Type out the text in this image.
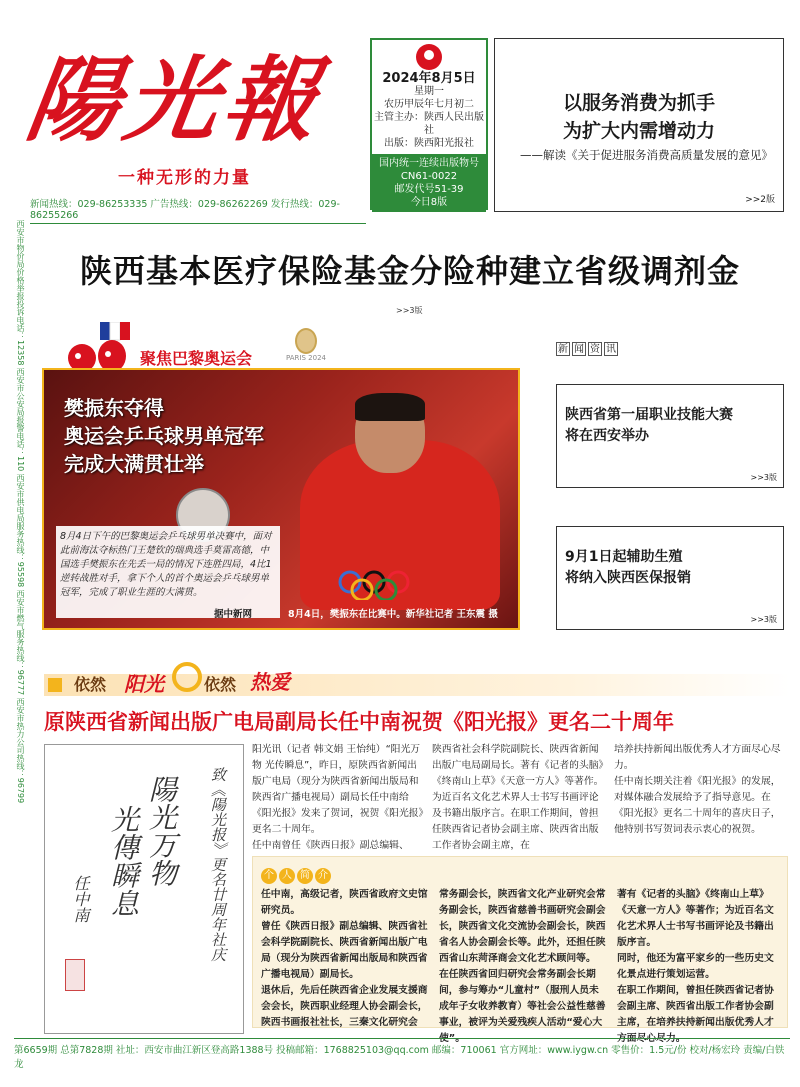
陽光報
一种无形的力量
2024年8月5日
星期一
农历甲辰年七月初二
主管主办：陕西人民出版社
出版：陕西阳光报社
国内统一连续出版物号
CN61-0022
邮发代号51-39
今日8版
以服务消费为抓手
为扩大内需增动力
——解读《关于促进服务消费高质量发展的意见》
>>2版
新闻热线：029-86253335 广告热线：029-86262269 发行热线：029-86255266
西安市物价局价格举报投诉电话：12358 西安市公安局报警电话：110 西安市供电局服务热线：95598 西安市燃气服务热线：96777 西安市热力公司热线：96799	陕西基本医疗保险基金分险种建立省级调剂金
>>3版
聚焦巴黎奥运会	PARIS 2024
樊振东夺得
奥运会乒乓球男单冠军
完成大满贯壮举
8月4日下午的巴黎奥运会乒乓球男单决赛中，面对此前海汰夺标热门王楚钦的瑞典选手莫雷高德，中国选手樊振东在先丢一局的情况下连胜四局，4比1逆转战胜对手，拿下个人的首个奥运会乒乓球男单冠军，完成了职业生涯的大满贯。
据中新网	8月4日，樊振东在比赛中。新华社记者 王东震 摄
新 闻 资 讯
陕西省第一届职业技能大赛
将在西安举办
>>3版
9月1日起辅助生殖
将纳入陕西医保报销
>>3版
依然 阳光	依然 热爱
原陕西省新闻出版广电局副局长任中南祝贺《阳光报》更名二十周年
致《陽光报》更名廿周年社庆
陽光万物
光傳瞬息
任中南
阳光讯（记者 韩文娟 王怡纯）“阳光万物 光传瞬息”，昨日，原陕西省新闻出版广电局（现分为陕西省新闻出版局和陕西省广播电视局）副局长任中南给《阳光报》发来了贺词，祝贺《阳光报》更名二十周年。
任中南曾任《陕西日报》副总编辑、
陕西省社会科学院副院长、陕西省新闻出版广电局副局长。著有《记者的头脑》《终南山上草》《天意一方人》等著作。为近百名文化艺术界人士书写书画评论及书籍出版序言。在职工作期间，曾担任陕西省记者协会副主席、陕西省出版工作者协会副主席，在
培养扶持新闻出版优秀人才方面尽心尽力。
任中南长期关注着《阳光报》的发展，对媒体融合发展给予了指导意见。在《阳光报》更名二十周年的喜庆日子，他特别书写贺词表示衷心的祝贺。
个 人 简 介
任中南，高级记者，陕西省政府文史馆研究员。
曾任《陕西日报》副总编辑、陕西省社会科学院副院长、陕西省新闻出版广电局（现分为陕西省新闻出版局和陕西省广播电视局）副局长。
退休后，先后任陕西省企业发展支援商会会长，陕西职业经理人协会副会长，陕西书画报社社长，三秦文化研究会
常务副会长，陕西省文化产业研究会常务副会长，陕西省慈善书画研究会副会长，陕西省文化交流协会副会长，陕西省名人协会副会长等。此外，还担任陕西省山东菏泽商会文化艺术顾问等。
在任陕西省回归研究会常务副会长期间，参与筹办“儿童村”（服刑人员未成年子女收养教育）等社会公益性慈善事业，被评为关爱残疾人活动“爱心大使”。
著有《记者的头脑》《终南山上草》《天意一方人》等著作；为近百名文化艺术界人士书写书画评论及书籍出版序言。
同时，他还为富平家乡的一些历史文化景点进行策划运营。
在职工作期间，曾担任陕西省记者协会副主席、陕西省出版工作者协会副主席，在培养扶持新闻出版优秀人才方面尽心尽力。
第6659期 总第7828期 社址：西安市曲江新区登高路1388号 投稿邮箱：1768825103@qq.com 邮编：710061 官方网址：www.iygw.cn 零售价：1.5元/份 校对/杨宏玲 责编/白铁龙
